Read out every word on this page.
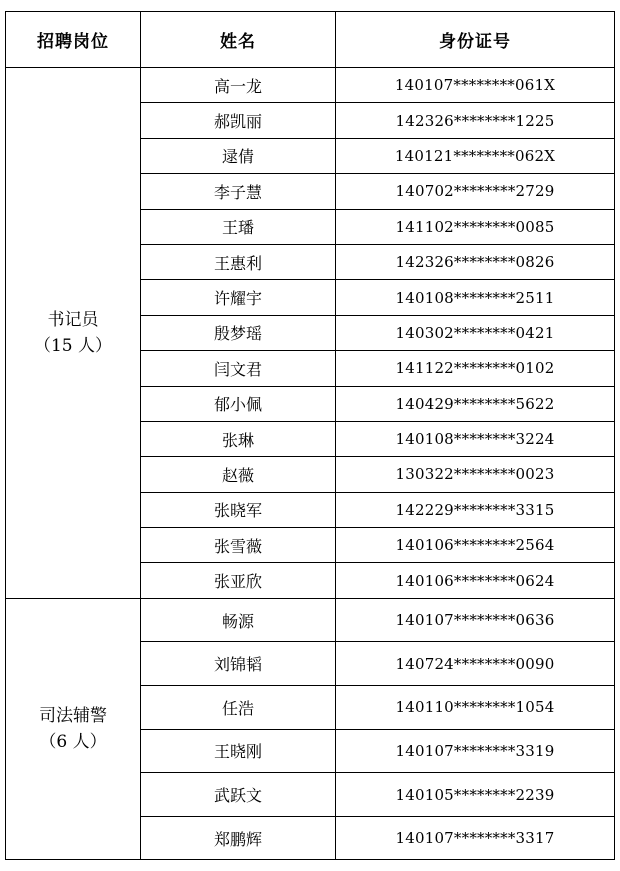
招聘岗位	姓名	身份证号

书记员
（15 人）	高一龙	140107********061X
	郝凯丽	142326********1225
	逯倩	140121********062X
	李子慧	140702********2729
	王璠	141102********0085
	王惠利	142326********0826
	许耀宇	140108********2511
	殷梦瑶	140302********0421
	闫文君	141122********0102
	郁小佩	140429********5622
	张琳	140108********3224
	赵薇	130322********0023
	张晓军	142229********3315
	张雪薇	140106********2564
	张亚欣	140106********0624

司法辅警
（6 人）	畅源	140107********0636
	刘锦韬	140724********0090
	任浩	140110********1054
	王晓刚	140107********3319
	武跃文	140105********2239
	郑鹏辉	140107********3317
